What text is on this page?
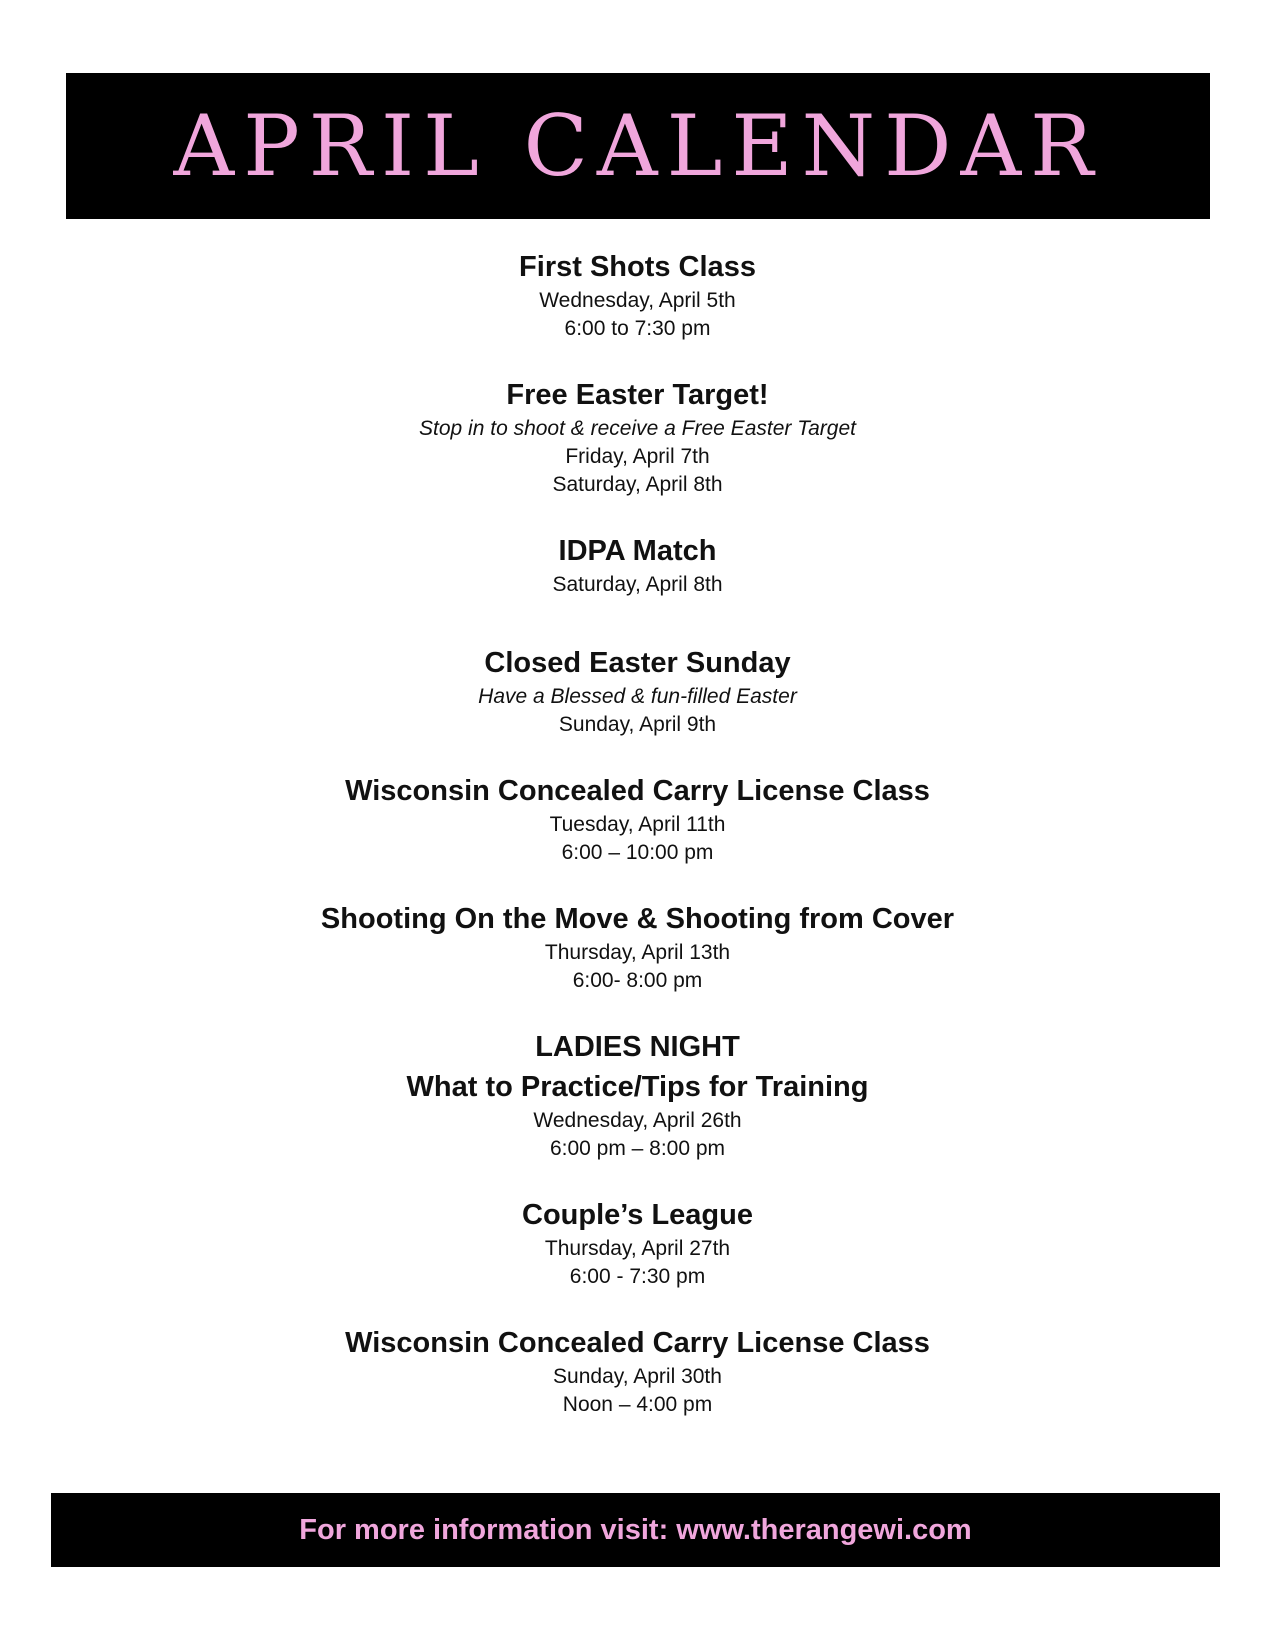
APRIL CALENDAR

First Shots Class

Wednesday, April 5th

6:00 to 7:30 pm

Free Easter Target!

Stop in to shoot & receive a Free Easter Target

Friday, April 7th

Saturday, April 8th

IDPA Match

Saturday, April 8th

Closed Easter Sunday

Have a Blessed & fun-filled Easter

Sunday, April 9th

Wisconsin Concealed Carry License Class

Tuesday, April 11th

6:00 – 10:00 pm

Shooting On the Move & Shooting from Cover

Thursday, April 13th

6:00- 8:00 pm

LADIES NIGHT

What to Practice/Tips for Training

Wednesday, April 26th

6:00 pm – 8:00 pm

Couple’s League

Thursday, April 27th

6:00 - 7:30 pm

Wisconsin Concealed Carry License Class

Sunday, April 30th

Noon – 4:00 pm

For more information visit: www.therangewi.com
